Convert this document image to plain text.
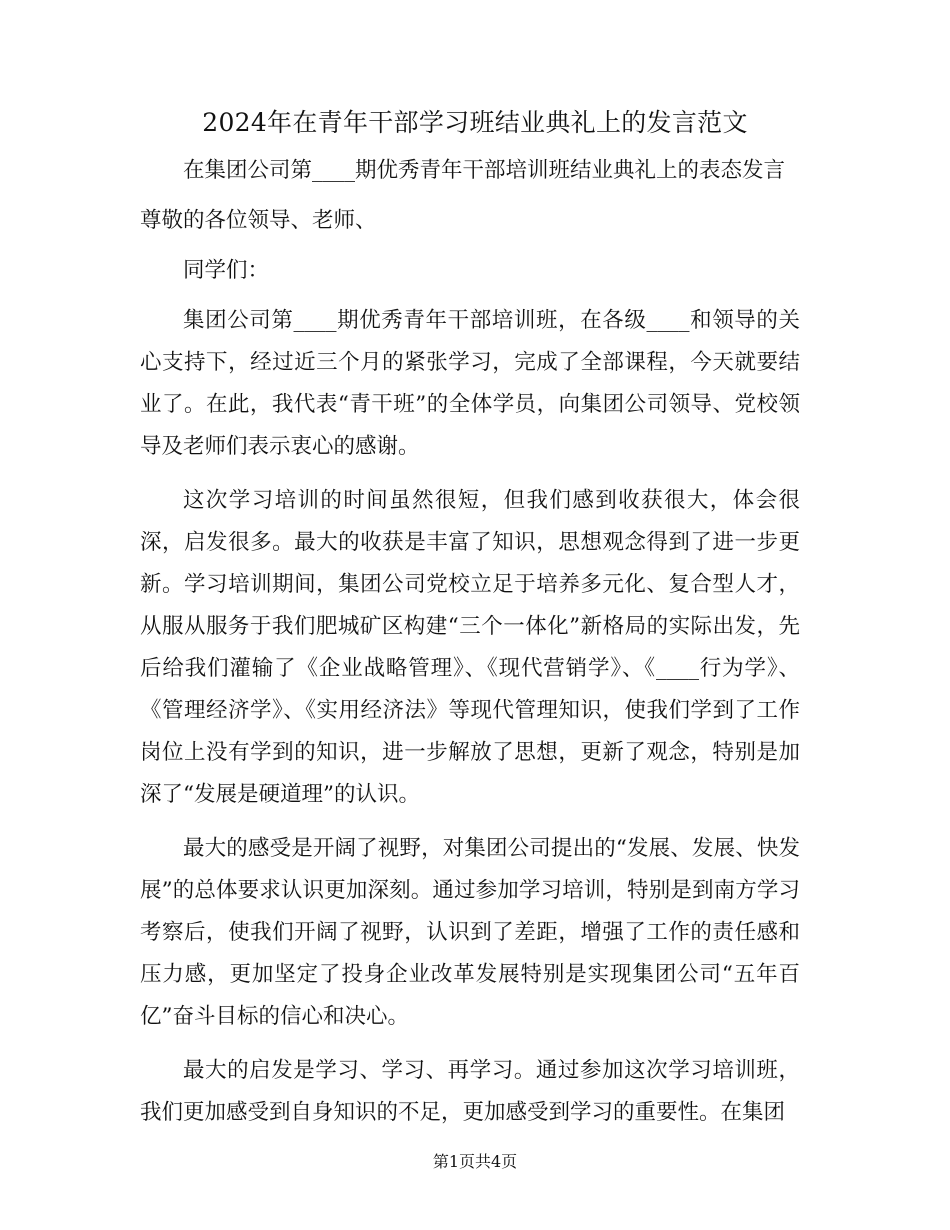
2024年在青年干部学习班结业典礼上的发言范文

在集团公司第____期优秀青年干部培训班结业典礼上的表态发言

尊敬的各位领导、老师、

同学们：

集团公司第____期优秀青年干部培训班，在各级____和领导的关心支持下，经过近三个月的紧张学习，完成了全部课程，今天就要结业了。在此，我代表“青干班”的全体学员，向集团公司领导、党校领导及老师们表示衷心的感谢。

这次学习培训的时间虽然很短，但我们感到收获很大，体会很深，启发很多。最大的收获是丰富了知识，思想观念得到了进一步更新。学习培训期间，集团公司党校立足于培养多元化、复合型人才，从服从服务于我们肥城矿区构建“三个一体化”新格局的实际出发，先后给我们灌输了《企业战略管理》、《现代营销学》、《____行为学》、《管理经济学》、《实用经济法》等现代管理知识，使我们学到了工作岗位上没有学到的知识，进一步解放了思想，更新了观念，特别是加深了“发展是硬道理”的认识。

最大的感受是开阔了视野，对集团公司提出的“发展、发展、快发展”的总体要求认识更加深刻。通过参加学习培训，特别是到南方学习考察后，使我们开阔了视野，认识到了差距，增强了工作的责任感和压力感，更加坚定了投身企业改革发展特别是实现集团公司“五年百亿”奋斗目标的信心和决心。

最大的启发是学习、学习、再学习。通过参加这次学习培训班，我们更加感受到自身知识的不足，更加感受到学习的重要性。在集团

第1页共4页
